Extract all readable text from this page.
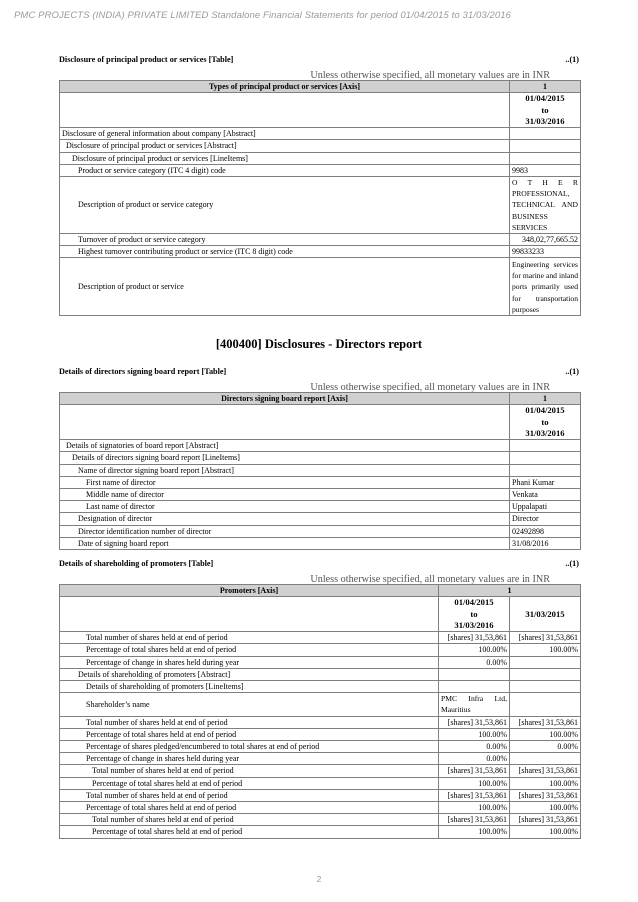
PMC PROJECTS (INDIA) PRIVATE LIMITED Standalone Financial Statements for period 01/04/2015 to 31/03/2016
Disclosure of principal product or services [Table]	..(1)
Unless otherwise specified, all monetary values are in INR
Types of principal product or services [Axis]	1

	01/04/2015
to
31/03/2016

Disclosure of general information about company [Abstract]	
Disclosure of principal product or services [Abstract]	
Disclosure of principal product or services [LineItems]	
Product or service category (ITC 4 digit) code	9983
Description of product or service category	O T H E R PROFESSIONAL, TECHNICAL AND BUSINESS SERVICES
Turnover of product or service category	348,02,77,665.52
Highest turnover contributing product or service (ITC 8 digit) code	99833233
Description of product or service	Engineering services for marine and inland ports primarily used for transportation purposes
[400400] Disclosures - Directors report
Details of directors signing board report [Table]	..(1)
Unless otherwise specified, all monetary values are in INR
Directors signing board report [Axis]	1

	01/04/2015
to
31/03/2016

Details of signatories of board report [Abstract]	
Details of directors signing board report [LineItems]	
Name of director signing board report [Abstract]	
First name of director	Phani Kumar
Middle name of director	Venkata
Last name of director	Uppalapati
Designation of director	Director
Director identification number of director	02492898
Date of signing board report	31/08/2016
Details of shareholding of promoters [Table]	..(1)
Unless otherwise specified, all monetary values are in INR
Promoters [Axis]	1	

	01/04/2015
to
31/03/2016	31/03/2015
Total number of shares held at end of period	[shares] 31,53,861	[shares] 31,53,861
Percentage of total shares held at end of period	100.00%	100.00%
Percentage of change in shares held during year	0.00%	
Details of shareholding of promoters [Abstract]		
Details of shareholding of promoters [LineItems]		
Shareholder’s name	PMC Infra Ltd, Mauritius	
Total number of shares held at end of period	[shares] 31,53,861	[shares] 31,53,861
Percentage of total shares held at end of period	100.00%	100.00%
Percentage of shares pledged/encumbered to total shares at end of period	0.00%	0.00%
Percentage of change in shares held during year	0.00%	
Total number of shares held at end of period	[shares] 31,53,861	[shares] 31,53,861
Percentage of total shares held at end of period	100.00%	100.00%
Total number of shares held at end of period	[shares] 31,53,861	[shares] 31,53,861
Percentage of total shares held at end of period	100.00%	100.00%
Total number of shares held at end of period	[shares] 31,53,861	[shares] 31,53,861
Percentage of total shares held at end of period	100.00%	100.00%
2
